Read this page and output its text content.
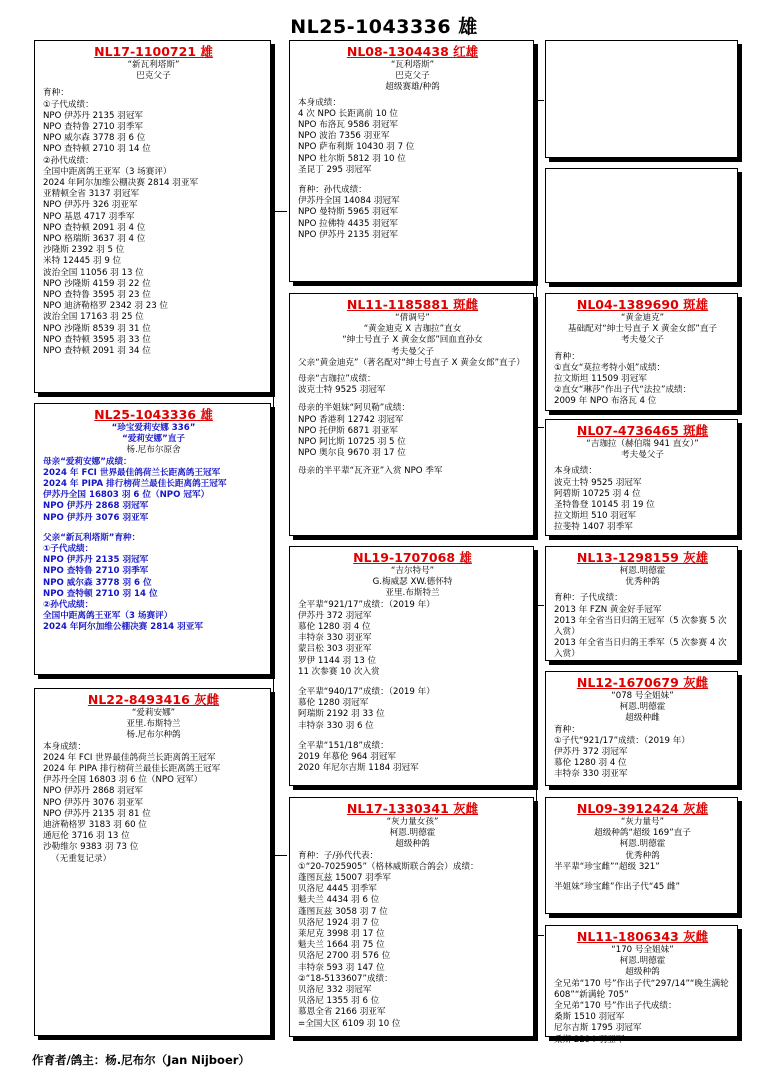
NL25-1043336 雄
NL17-1100721 雄
“新瓦利塔斯”
巴克父子
育种：
①子代成绩：
NPO 伊苏丹 2135 羽冠军
NPO 查特鲁 2710 羽季军
NPO 威尔森 3778 羽 6 位
NPO 查特顿 2710 羽 14 位
②孙代成绩：
全国中距离鸽王亚军（3 场赛评）
2024 年阿尔加维公棚决赛 2814 羽亚军
亚精顿全省 3137 羽冠军
NPO 伊苏丹 326 羽亚军
NPO 基恩 4717 羽季军
NPO 查特顿 2091 羽 4 位
NPO 格瑞斯 3637 羽 4 位
沙隆斯 2392 羽 5 位
米特 12445 羽 9 位
波治全国 11056 羽 13 位
NPO 沙隆斯 4159 羽 22 位
NPO 查特鲁 3595 羽 23 位
NPO 迪济勒格罗 2342 羽 23 位
波治全国 17163 羽 25 位
NPO 沙隆斯 8539 羽 31 位
NPO 查特顿 3595 羽 33 位
NPO 查特顿 2091 羽 34 位
NL25-1043336 雄
“珍宝爱莉安娜 336”
“爱莉安娜”直子
杨.尼布尔原舍
母亲“爱莉安娜”成绩：
2024 年 FCI 世界最佳鸽荷兰长距离鸽王冠军
2024 年 PIPA 排行榜荷兰最佳长距离鸽王冠军
伊苏丹全国 16803 羽 6 位（NPO 冠军）
NPO 伊苏丹 2868 羽冠军
NPO 伊苏丹 3076 羽亚军
父亲“新瓦利塔斯”育种：
①子代成绩：
NPO 伊苏丹 2135 羽冠军
NPO 查特鲁 2710 羽季军
NPO 威尔森 3778 羽 6 位
NPO 查特顿 2710 羽 14 位
②孙代成绩：
全国中距离鸽王亚军（3 场赛评）
2024 年阿尔加维公棚决赛 2814 羽亚军
NL22-8493416 灰雌
“爱莉安娜”
亚里.布斯特兰
杨.尼布尔种鸽
本身成绩：
2024 年 FCI 世界最佳鸽荷兰长距离鸽王冠军
2024 年 PIPA 排行榜荷兰最佳长距离鸽王冠军
伊苏丹全国 16803 羽 6 位（NPO 冠军）
NPO 伊苏丹 2868 羽冠军
NPO 伊苏丹 3076 羽亚军
NPO 伊苏丹 2135 羽 81 位
迪济勒格罗 3183 羽 60 位
通厄伦 3716 羽 13 位
沙勒维尔 9383 羽 73 位
（无重复记录）
NL08-1304438 红雄
“瓦利塔斯”
巴克父子
超级赛雄/种鸽
本身成绩：
4 次 NPO 长距离前 10 位
NPO 布洛瓦 9586 羽冠军
NPO 波治 7356 羽亚军
NPO 萨布利斯 10430 羽 7 位
NPO 杜尔斯 5812 羽 10 位
圣昆丁 295 羽冠军
育种：孙代成绩：
伊苏丹全国 14084 羽冠军
NPO 曼特斯 5965 羽冠军
NPO 拉佛特 4435 羽冠军
NPO 伊苏丹 2135 羽冠军
NL11-1185881 斑雌
“倩调号”
“黄金迪克 X 吉珈拉”直女
“绅士号直子 X 黄金女郎”回血直孙女
考夫曼父子
父亲“黄金迪克”（著名配对“绅士号直子 X 黄金女郎”直子）
母亲“吉珈拉”成绩：
波克士特 9525 羽冠军
母亲的半姐妹“阿贝勒”成绩：
NPO 香港利 12742 羽冠军
NPO 托伊斯 6871 羽亚军
NPO 阿比斯 10725 羽 5 位
NPO 奥尔良 9670 羽 17 位
母亲的半平辈“瓦齐亚”入赏 NPO 季军
NL19-1707068 雄
“吉尔特号”
G.梅威瑟 XW.德怀特
亚里.布斯特兰
全平辈“921/17”成绩：（2019 年）
伊苏丹 372 羽冠军
慕伦 1280 羽 4 位
丰特奈 330 羽亚军
蒙吕松 303 羽亚军
罗伊 1144 羽 13 位
11 次参赛 10 次入赏
全平辈“940/17”成绩：（2019 年）
慕伦 1280 羽冠军
阿瑞斯 2192 羽 33 位
丰特奈 330 羽 6 位
全平辈“151/18”成绩：
2019 年慕伦 964 羽冠军
2020 年尼尔吉斯 1184 羽冠军
NL17-1330341 灰雌
“灰力量女孩”
柯恩.明德霍
超级种鸽
育种：子/孙代代表：
①“20-7025905”（格林威斯联合鸽会）成绩：
蓬图瓦兹 15007 羽季军
贝洛尼 4445 羽季军
魁夫兰 4434 羽 6 位
蓬图瓦兹 3058 羽 7 位
贝洛尼 1924 羽 7 位
莱尼克 3998 羽 17 位
魁夫兰 1664 羽 75 位
贝洛尼 2700 羽 576 位
丰特奈 593 羽 147 位
②“18-5133607”成绩：
贝洛尼 332 羽冠军
贝洛尼 1355 羽 6 位
慕恩全省 2166 羽亚军
=全国大区 6109 羽 10 位
NL04-1389690 斑雄
“黄金迪克”
基础配对“绅士号直子 X 黄金女郎”直子
考夫曼父子
育种：
①直女“莫拉考特小姐”成绩：
拉文斯坦 11509 羽冠军
②直女“琳莎”作出子代“法拉”成绩：
2009 年 NPO 布洛瓦 4 位
NL07-4736465 斑雌
“吉珈拉（赫伯瑞 941 直女）”
考夫曼父子
本身成绩：
波克士特 9525 羽冠军
阿碧斯 10725 羽 4 位
圣特鲁登 10145 羽 19 位
拉文斯坦 510 羽冠军
拉斐特 1407 羽季军
NL13-1298159 灰雄
柯恩.明德霍
优秀种鸽
育种：子代成绩：
2013 年 FZN 黄金好手冠军
2013 年全省当日归鸽王冠军（5 次参赛 5 次入赏）
2013 年全省当日归鸽王季军（5 次参赛 4 次入赏）
NL12-1670679 灰雌
“078 号全姐妹”
柯恩.明德霍
超级种雌
育种：
①子代“921/17”成绩：（2019 年）
伊苏丹 372 羽冠军
慕伦 1280 羽 4 位
丰特奈 330 羽亚军
NL09-3912424 灰雄
“灰力量号”
超级种鸽“超级 169”直子
柯恩.明德霍
优秀种鸽
半平辈“珍宝雌”“超级 321”
半姐妹“珍宝雌”作出子代“45 雌”
NL11-1806343 灰雌
“170 号全姐妹”
柯恩.明德霍
超级种鸽
全兄弟“170 号”作出子代“297/14”“晚生满轮 608”“新满轮 705”
全兄弟“170 号”作出子代成绩：
桑斯 1510 羽冠军
尼尔吉斯 1795 羽冠军
桑斯 2294 羽亚军
作育者/鸽主：杨.尼布尔（Jan Nijboer）
